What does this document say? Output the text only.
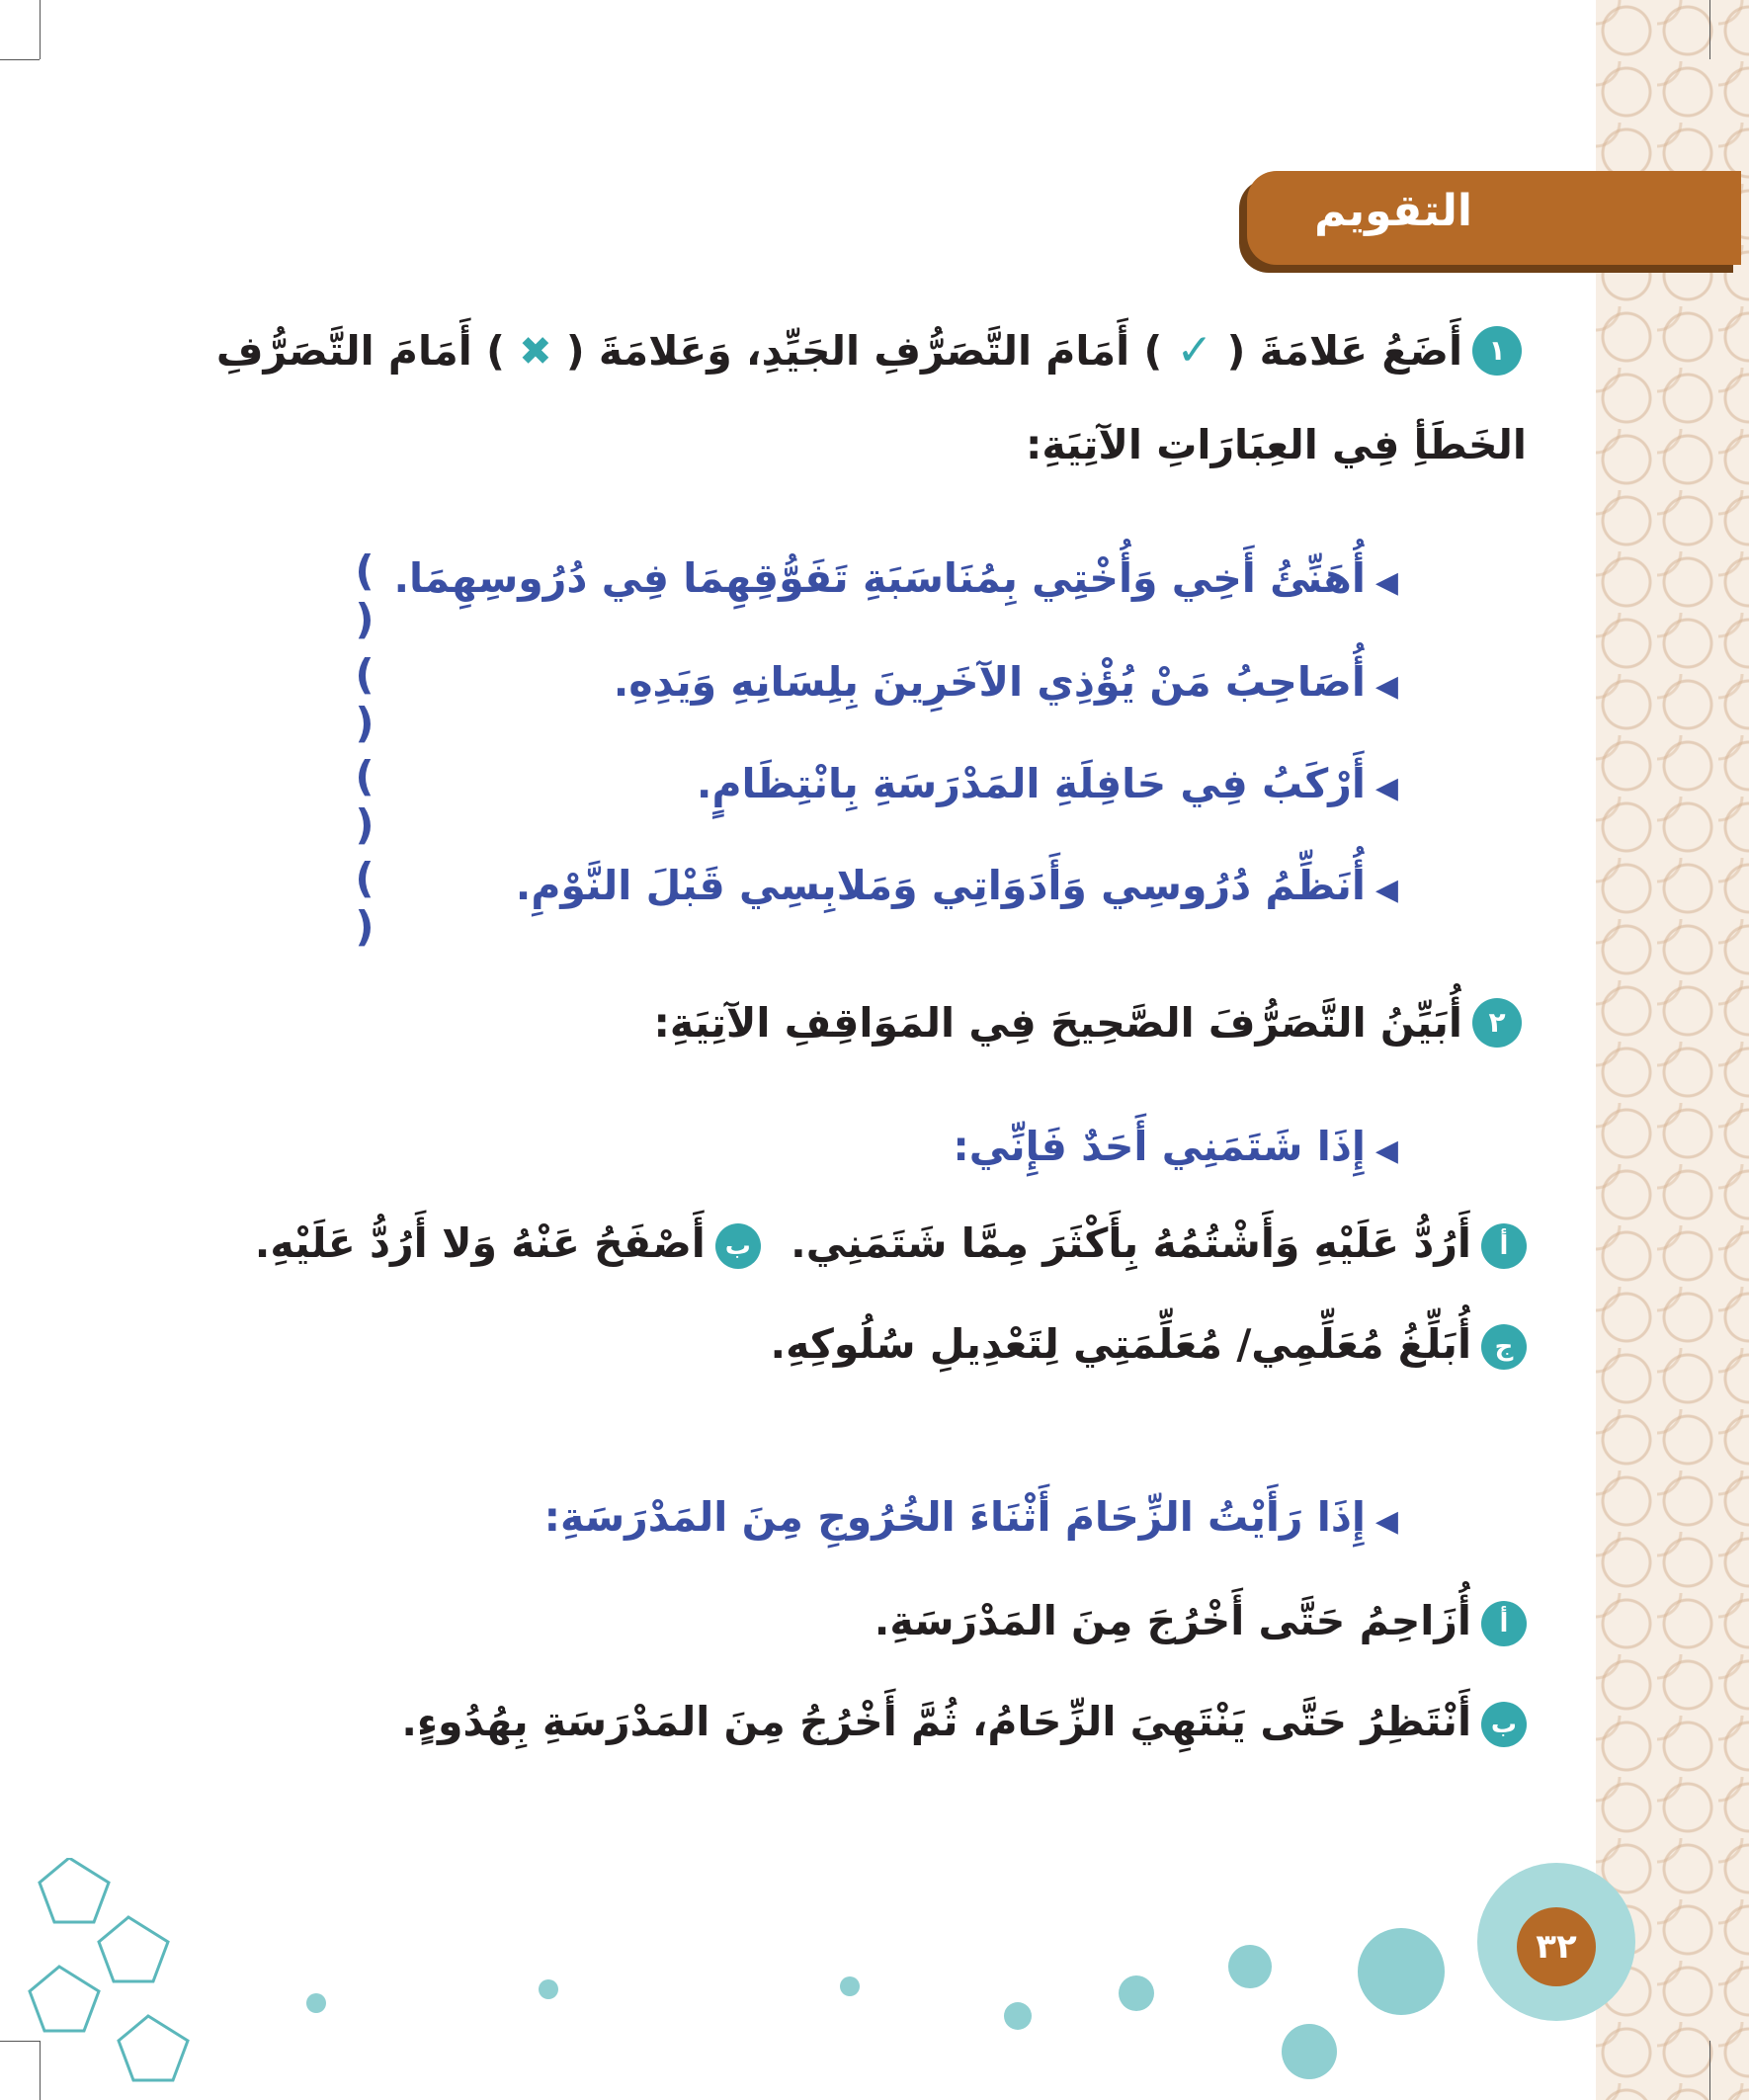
التقويم
١
أَضَعُ عَلامَةَ ( ✓ ) أَمَامَ التَّصَرُّفِ الجَيِّدِ، وَعَلامَةَ ( ✖ ) أَمَامَ التَّصَرُّفِ
الخَطَأِ فِي العِبَارَاتِ الآتِيَةِ:
◀أُهَنِّئُ أَخِي وَأُخْتِي بِمُنَاسَبَةِ تَفَوُّقِهِمَا فِي دُرُوسِهِمَا.
( )
◀أُصَاحِبُ مَنْ يُؤْذِي الآخَرِينَ بِلِسَانِهِ وَيَدِهِ.
( )
◀أَرْكَبُ فِي حَافِلَةِ المَدْرَسَةِ بِانْتِظَامٍ.
( )
◀أُنَظِّمُ دُرُوسِي وَأَدَوَاتِي وَمَلابِسِي قَبْلَ النَّوْمِ.
( )
٢
أُبَيِّنُ التَّصَرُّفَ الصَّحِيحَ فِي المَوَاقِفِ الآتِيَةِ:
◀إِذَا شَتَمَنِي أَحَدٌ فَإِنِّي:
أأَرُدُّ عَلَيْهِ وَأَشْتُمُهُ بِأَكْثَرَ مِمَّا شَتَمَنِي. بأَصْفَحُ عَنْهُ وَلا أَرُدُّ عَلَيْهِ.
جأُبَلِّغُ مُعَلِّمِي/ مُعَلِّمَتِي لِتَعْدِيلِ سُلُوكِهِ.
◀إِذَا رَأَيْتُ الزِّحَامَ أَثْنَاءَ الخُرُوجِ مِنَ المَدْرَسَةِ:
أأُزَاحِمُ حَتَّى أَخْرُجَ مِنَ المَدْرَسَةِ.
بأَنْتَظِرُ حَتَّى يَنْتَهِيَ الزِّحَامُ، ثُمَّ أَخْرُجُ مِنَ المَدْرَسَةِ بِهُدُوءٍ.
٣٢
